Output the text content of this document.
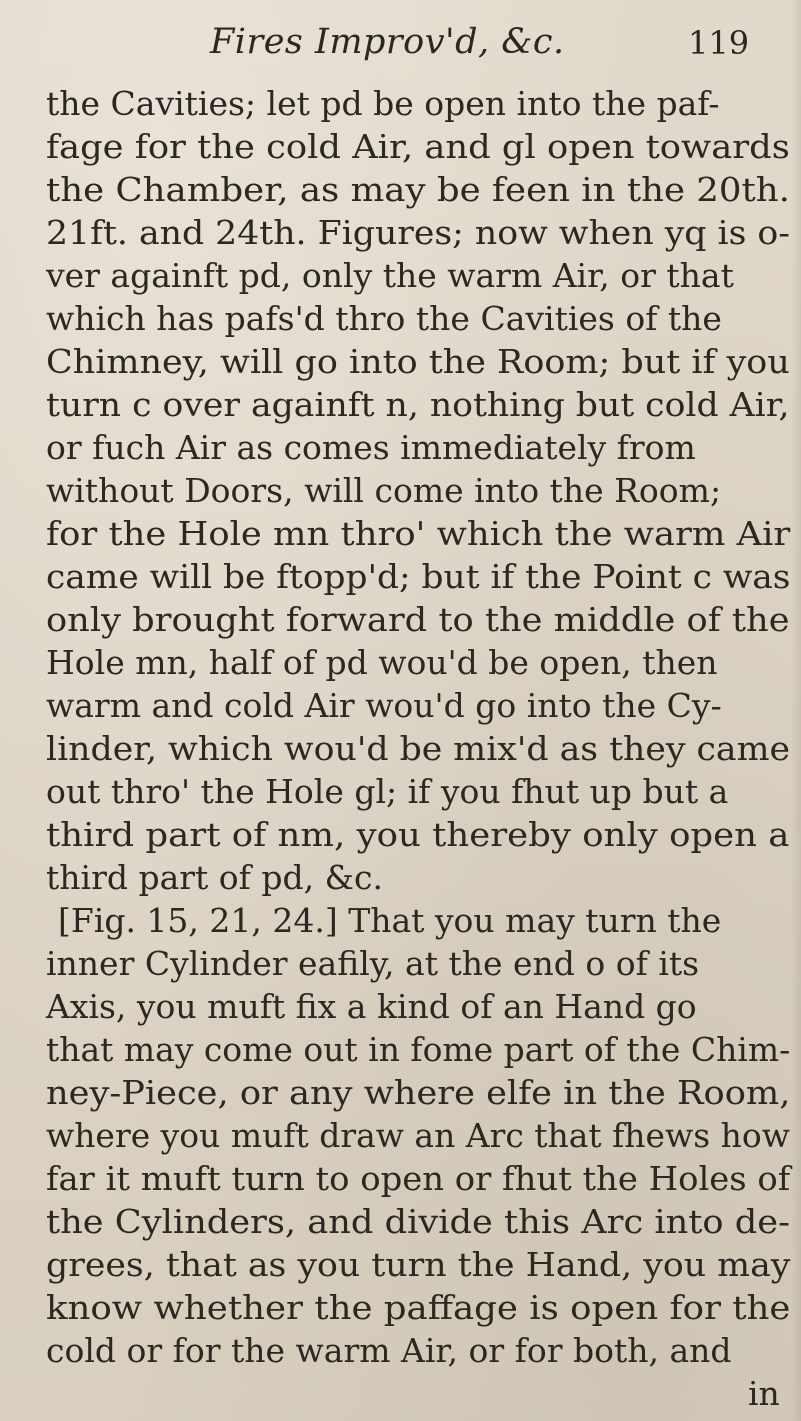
Fires Improv'd, &c.	119
the Cavities; let pd be open into the paf-
fage for the cold Air, and gl open towards
the Chamber, as may be feen in the 20th.
21ft. and 24th. Figures; now when yq is o-
ver againft pd, only the warm Air, or that
which has pafs'd thro the Cavities of the
Chimney, will go into the Room; but if you
turn c over againft n, nothing but cold Air,
or fuch Air as comes immediately from
without Doors, will come into the Room;
for the Hole mn thro' which the warm Air
came will be ftopp'd; but if the Point c was
only brought forward to the middle of the
Hole mn, half of pd wou'd be open, then
warm and cold Air wou'd go into the Cy-
linder, which wou'd be mix'd as they came
out thro' the Hole gl; if you fhut up but a
third part of nm, you thereby only open a
third part of pd, &c.
[Fig. 15, 21, 24.] That you may turn the
inner Cylinder eafily, at the end o of its
Axis, you muft fix a kind of an Hand go
that may come out in fome part of the Chim-
ney-Piece, or any where elfe in the Room,
where you muft draw an Arc that fhews how
far it muft turn to open or fhut the Holes of
the Cylinders, and divide this Arc into de-
grees, that as you turn the Hand, you may
know whether the paffage is open for the
cold or for the warm Air, or for both, and
in
